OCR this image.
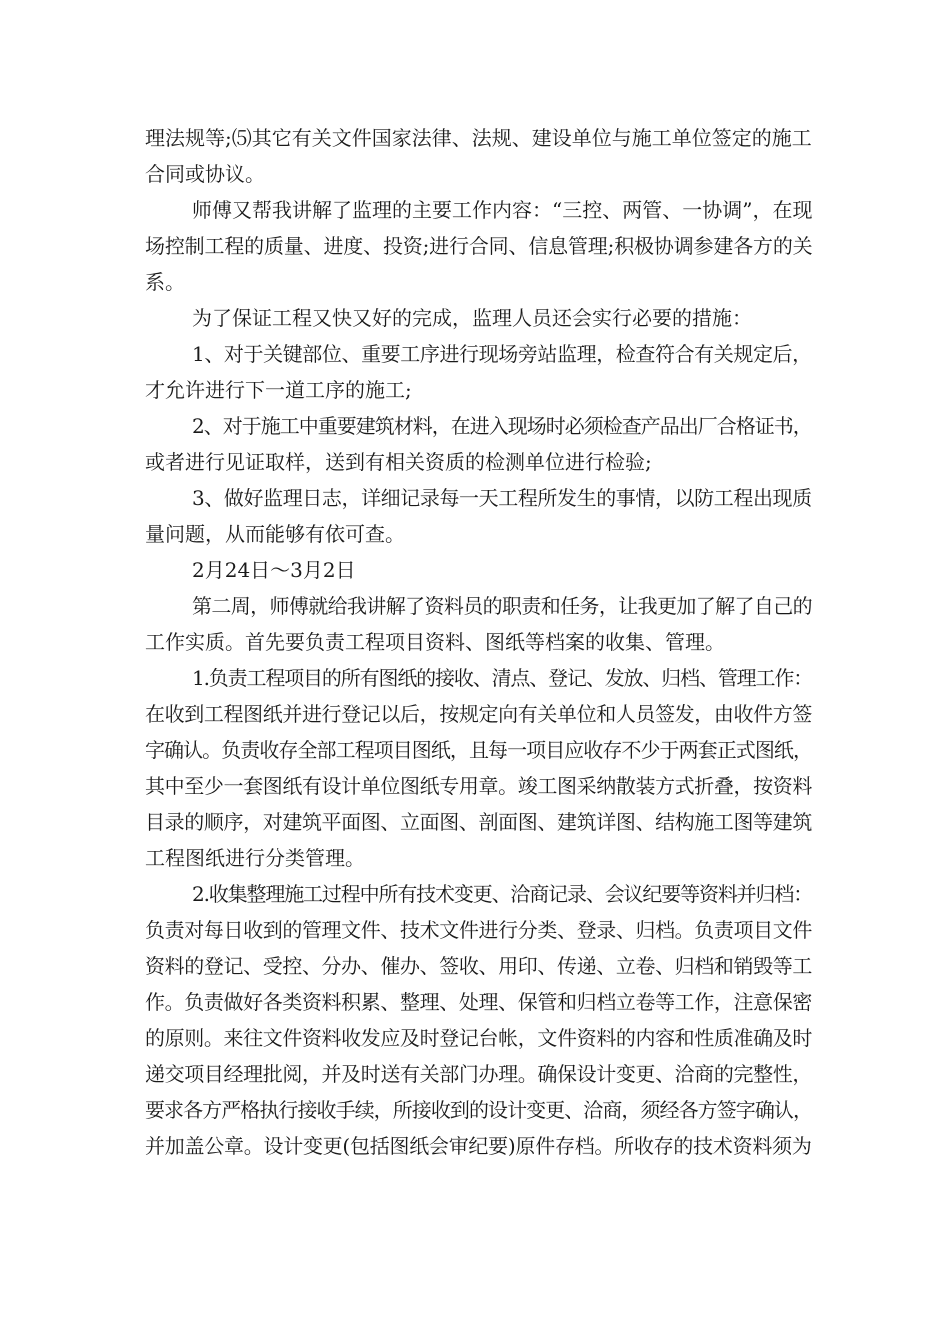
理法规等;⑸其它有关文件国家法律、法规、建设单位与施工单位签定的施工
合同或协议。
师傅又帮我讲解了监理的主要工作内容：“三控、两管、一协调”，在现
场控制工程的质量、进度、投资;进行合同、信息管理;积极协调参建各方的关
系。
为了保证工程又快又好的完成，监理人员还会实行必要的措施：
1、对于关键部位、重要工序进行现场旁站监理，检查符合有关规定后，
才允许进行下一道工序的施工;
2、对于施工中重要建筑材料，在进入现场时必须检查产品出厂合格证书，
或者进行见证取样，送到有相关资质的检测单位进行检验;
3、做好监理日志，详细记录每一天工程所发生的事情，以防工程出现质
量问题，从而能够有依可查。
2月24日～3月2日
第二周，师傅就给我讲解了资料员的职责和任务，让我更加了解了自己的
工作实质。首先要负责工程项目资料、图纸等档案的收集、管理。
1.负责工程项目的所有图纸的接收、清点、登记、发放、归档、管理工作：
在收到工程图纸并进行登记以后，按规定向有关单位和人员签发，由收件方签
字确认。负责收存全部工程项目图纸，且每一项目应收存不少于两套正式图纸，
其中至少一套图纸有设计单位图纸专用章。竣工图采纳散装方式折叠，按资料
目录的顺序，对建筑平面图、立面图、剖面图、建筑详图、结构施工图等建筑
工程图纸进行分类管理。
2.收集整理施工过程中所有技术变更、洽商记录、会议纪要等资料并归档：
负责对每日收到的管理文件、技术文件进行分类、登录、归档。负责项目文件
资料的登记、受控、分办、催办、签收、用印、传递、立卷、归档和销毁等工
作。负责做好各类资料积累、整理、处理、保管和归档立卷等工作，注意保密
的原则。来往文件资料收发应及时登记台帐，文件资料的内容和性质准确及时
递交项目经理批阅，并及时送有关部门办理。确保设计变更、洽商的完整性，
要求各方严格执行接收手续，所接收到的设计变更、洽商，须经各方签字确认，
并加盖公章。设计变更(包括图纸会审纪要)原件存档。所收存的技术资料须为
